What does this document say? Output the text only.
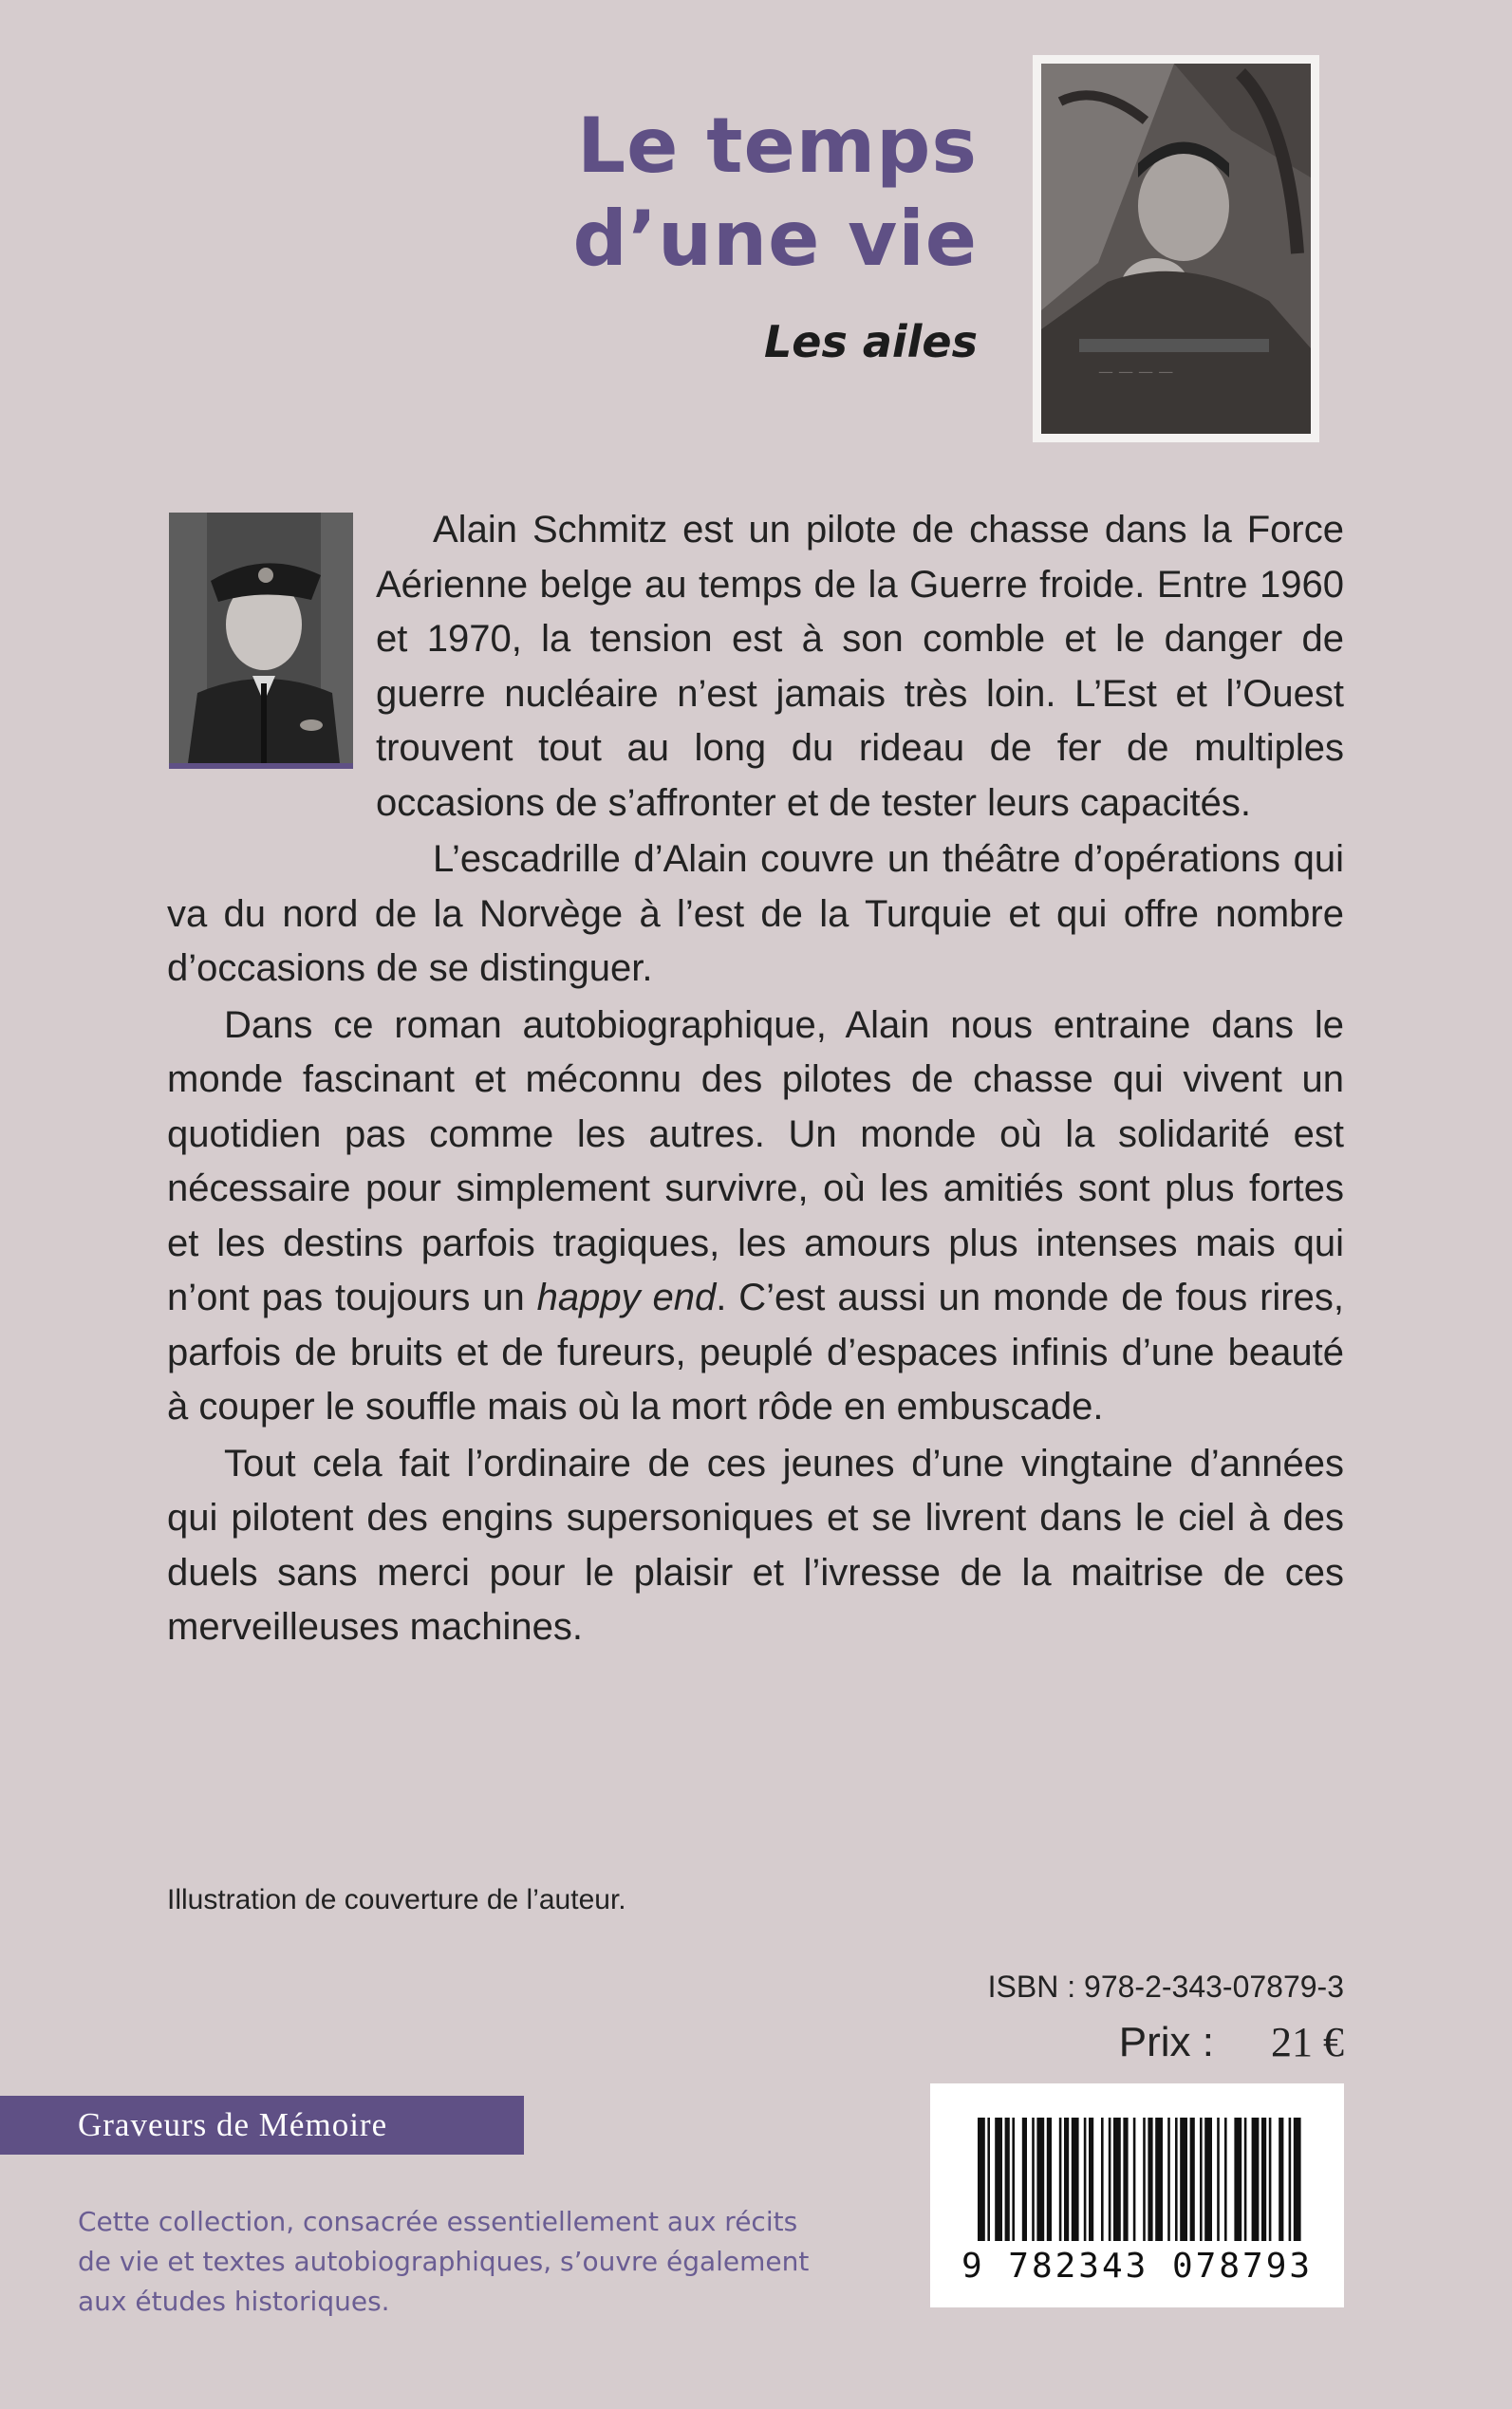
Le temps
d’une vie
Les ailes
— — — —

Alain Schmitz est un pilote de chasse dans la Force Aérienne belge au temps de la Guerre froide. Entre 1960 et 1970, la tension est à son comble et le danger de guerre nucléaire n’est jamais très loin. L’Est et l’Ouest trouvent tout au long du rideau de fer de multiples occasions de s’affronter et de tester leurs capacités.

L’escadrille d’Alain couvre un théâtre d’opérations qui va du nord de la Norvège à l’est de la Turquie et qui offre nombre d’occasions de se distinguer.

Dans ce roman autobiographique, Alain nous entraine dans le monde fascinant et méconnu des pilotes de chasse qui vivent un quotidien pas comme les autres. Un monde où la solidarité est nécessaire pour simplement survivre, où les amitiés sont plus fortes et les destins parfois tragiques, les amours plus intenses mais qui n’ont pas toujours un happy end. C’est aussi un monde de fous rires, parfois de bruits et de fureurs, peuplé d’espaces infinis d’une beauté à couper le souffle mais où la mort rôde en embuscade.

Tout cela fait l’ordinaire de ces jeunes d’une vingtaine d’années qui pilotent des engins supersoniques et se livrent dans le ciel à des duels sans merci pour le plaisir et l’ivresse de la maitrise de ces merveilleuses machines.

Illustration de couverture de l’auteur.
ISBN : 978-2-343-07879-3
Prix : 21 €
Graveurs de Mémoire
Cette collection, consacrée essentiellement aux récits de vie et textes autobiographiques, s’ouvre également aux études historiques.
9 782343 078793
